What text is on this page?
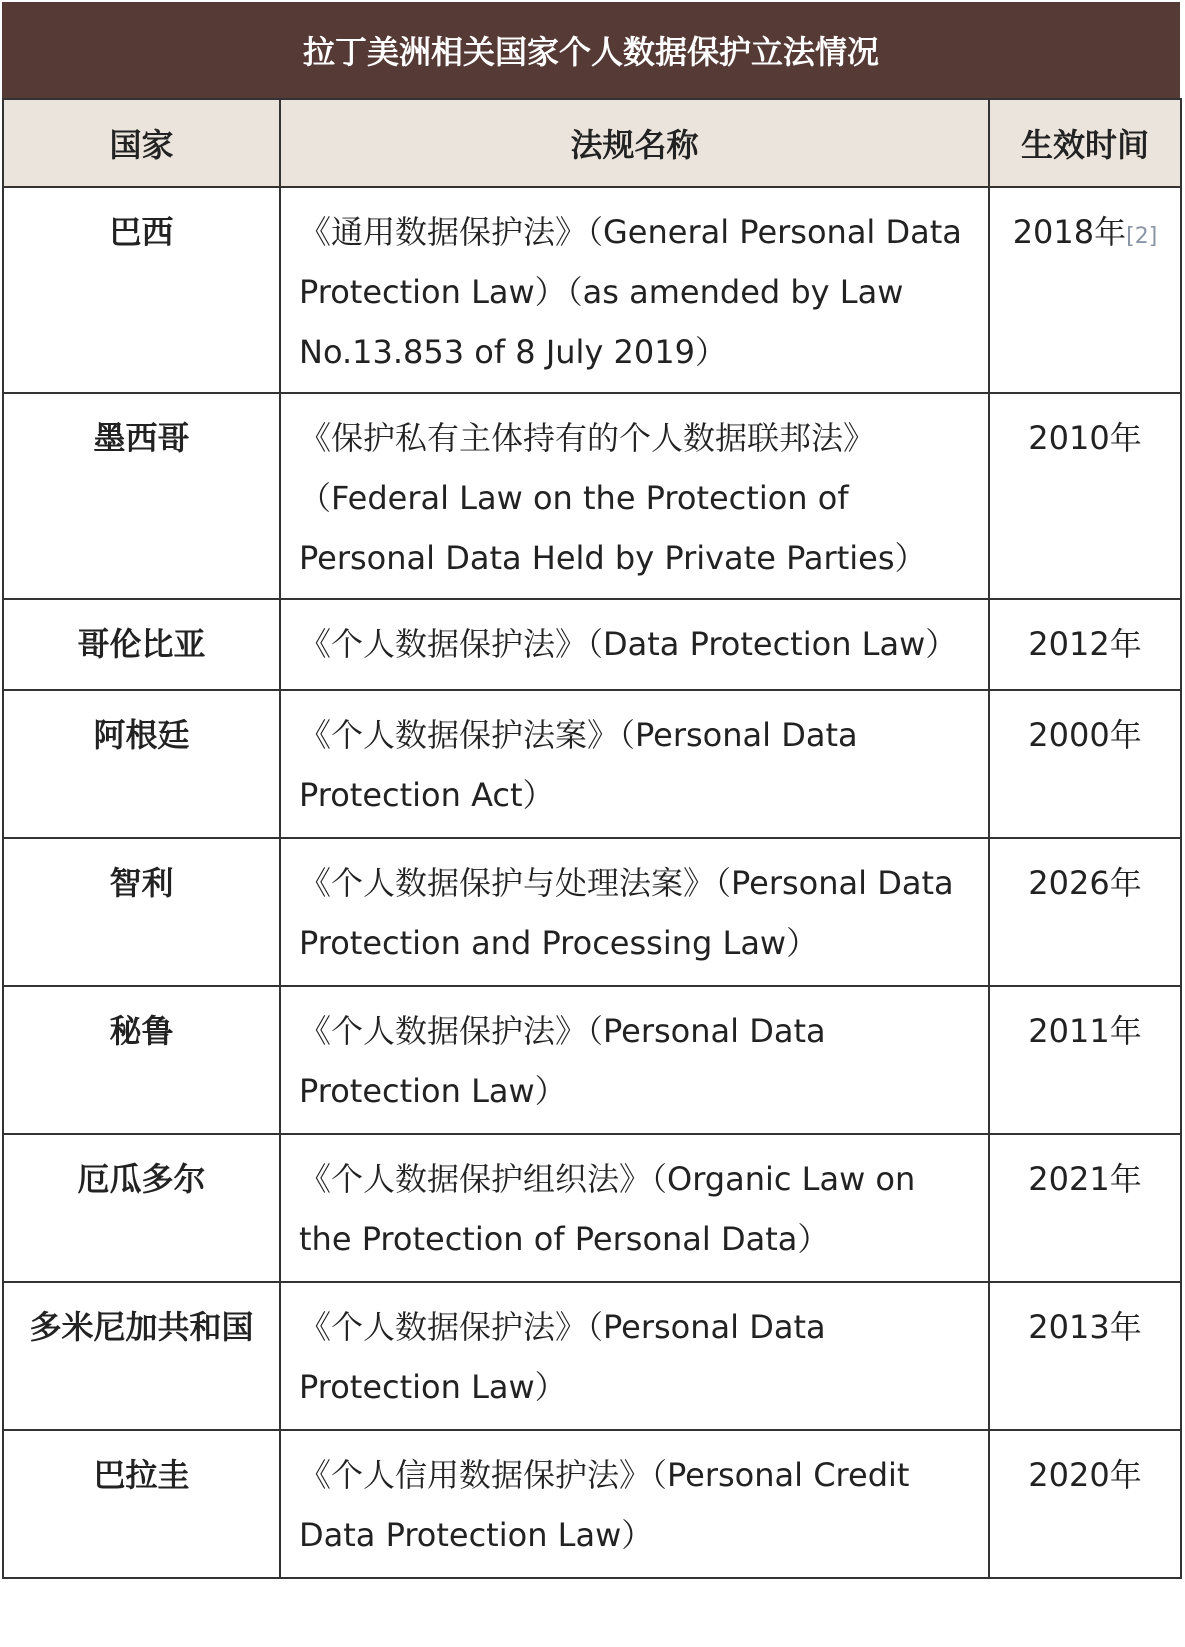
拉丁美洲相关国家个人数据保护立法情况
国家	法规名称	生效时间
巴西	《通用数据保护法》（General Personal Data Protection Law）（as amended by Law No.13.853 of 8 July 2019）	2018年[2]
墨西哥	《保护私有主体持有的个人数据联邦法》（Federal Law on the Protection of Personal Data Held by Private Parties）	2010年
哥伦比亚	《个人数据保护法》（Data Protection Law）	2012年
阿根廷	《个人数据保护法案》（Personal Data Protection Act）	2000年
智利	《个人数据保护与处理法案》（Personal Data Protection and Processing Law）	2026年
秘鲁	《个人数据保护法》（Personal Data Protection Law）	2011年
厄瓜多尔	《个人数据保护组织法》（Organic Law on the Protection of Personal Data）	2021年
多米尼加共和国	《个人数据保护法》（Personal Data Protection Law）	2013年
巴拉圭	《个人信用数据保护法》（Personal Credit Data Protection Law）	2020年
